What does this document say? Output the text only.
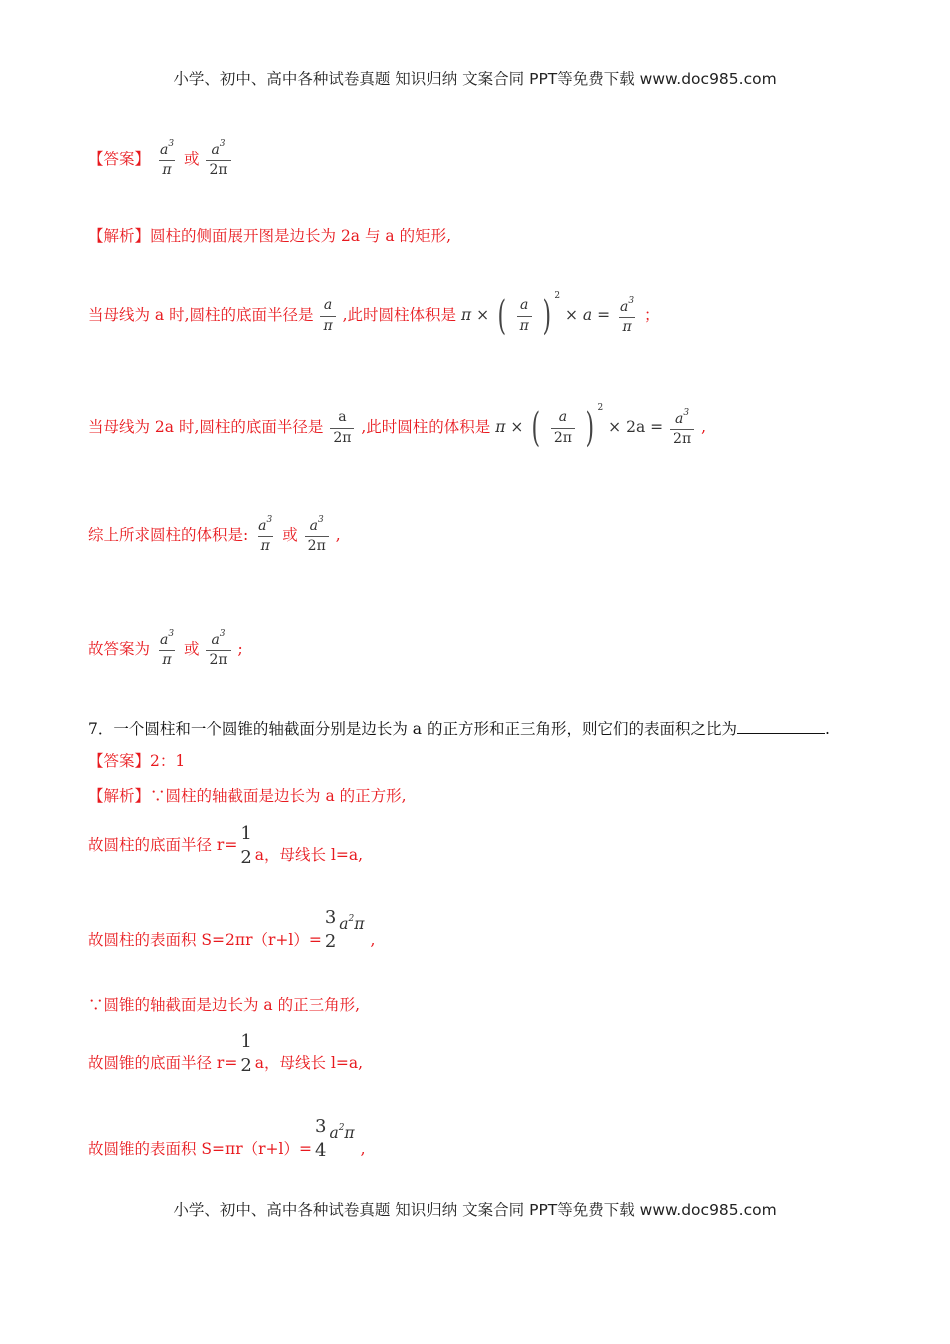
小学、初中、高中各种试卷真题 知识归纳 文案合同 PPT等免费下载 www.doc985.com
【答案】 $\frac{a^3}{\pi}$ 或 $\frac{a^3}{2\pi}$
【解析】圆柱的侧面展开图是边长为 2a 与 a 的矩形,
当母线为 a 时,圆柱的底面半径是 $\frac{a}{\pi}$ ,此时圆柱体积是 π × ( $\frac{a}{\pi}$ ) $^2 \times a = \frac{a^3}{\pi}$ ；
当母线为 2a 时,圆柱的底面半径是 $\frac{a}{2\pi}$ ,此时圆柱的体积是 π × ( $\frac{a}{2\pi}$ ) $^2 \times 2a = \frac{a^3}{2\pi}$ ,
综上所求圆柱的体积是: $\frac{a^3}{\pi}$ 或 $\frac{a^3}{2\pi}$ ,
故答案为 $\frac{a^3}{\pi}$ 或 $\frac{a^3}{2\pi}$ ;
7．一个圆柱和一个圆锥的轴截面分别是边长为 a 的正方形和正三角形，则它们的表面积之比为	.
【答案】2：1
【解析】∵圆柱的轴截面是边长为 a 的正方形,
故圆柱的底面半径 r=
1
2 a，母线长 l=a,
故圆柱的表面积 S=2πr（r+l）=
3
2
$a^2\pi$,
∵圆锥的轴截面是边长为 a 的正三角形,
故圆锥的底面半径 r=
1
2 a，母线长 l=a,
故圆锥的表面积 S=πr（r+l）=
3
4
$a^2\pi$,
小学、初中、高中各种试卷真题 知识归纳 文案合同 PPT等免费下载 www.doc985.com
